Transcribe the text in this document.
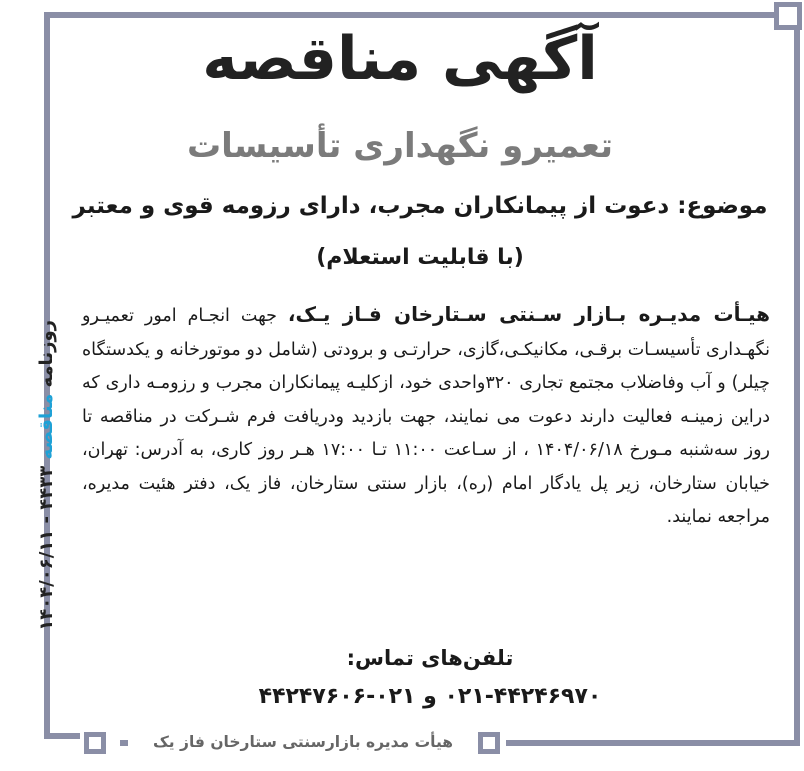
روزنامه مناقصه ۴۴۳۳ - ۱۴۰۴/۰۶/۱۱
آگهی مناقصه
تعمیرو نگهداری تأسیسات
موضوع: دعوت از پیمانکاران مجرب، دارای رزومه قوی و معتبر
(با قابلیت استعلام)
هیـأت مدیـره بـازار سـنتی سـتارخان فـاز یـک، جهت انجـام امور تعمیـرو نگهـداری تأسیسـات برقـی، مکانیکـی،گازی، حرارتـی و برودتی (شامل دو موتورخانه و یکدستگاه چیلر) و آب وفاضلاب مجتمع تجاری ۳۲۰واحدی خود، ازکلیـه پیمانکاران مجرب و رزومـه داری که دراین زمینـه فعالیت دارند دعوت می نمایند، جهت بازدید ودریافت فرم شـرکت در مناقصه تا روز سه‌شنبه مـورخ ۱۴۰۴/۰۶/۱۸ ، از سـاعت ۱۱:۰۰ تـا ۱۷:۰۰ هـر روز کاری، به آدرس: تهران، خیابان ستارخان، زیر پل یادگار امام (ره)، بازار سنتی ستارخان، فاز یک، دفتر هئیت مدیره، مراجعه نمایند.
تلفن‌های تماس:
۰۲۱-۴۴۲۴۶۹۷۰ و ۰۲۱-۴۴۲۴۷۶۰۶
هیأت مدیره بازارسنتی ستارخان فاز یک
